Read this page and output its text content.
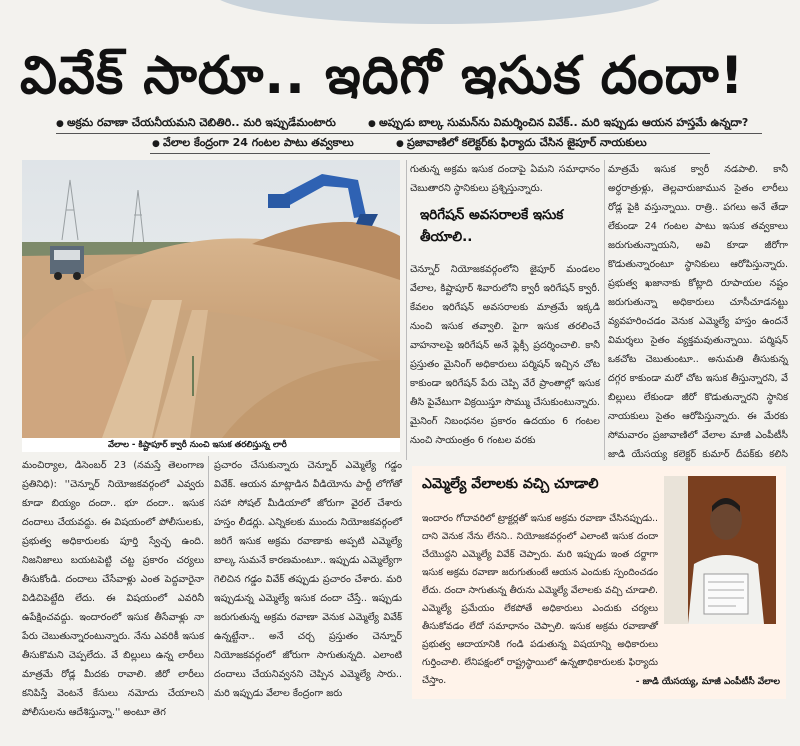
వివేక్ సారూ.. ఇదిగో ఇసుక దందా!
● అక్రమ రవాణా చేయనీయమని చెబితిరి.. మరి ఇప్పుడేమంటారు	● అప్పుడు బాల్క సుమన్‌ను విమర్శించిన వివేక్.. మరి ఇప్పుడు ఆయన హస్తమే ఉన్నదా?
● వేలాల కేంద్రంగా 24 గంటల పాటు తవ్వకాలు	● ప్రజావాణిలో కలెక్టర్‌కు ఫిర్యాదు చేసిన జైపూర్ నాయకులు
వేలాల - కిష్టాపూర్ క్వారీ నుంచి ఇసుక తరలిస్తున్న లారీ

మంచిర్యాల, డిసెంబర్ 23 (నమస్తే తెలంగాణ ప్రతినిధి): ''చెన్నూర్ నియోజకవర్గంలో ఎవ్వరు కూడా బియ్యం దందా.. భూ దందా.. ఇసుక దందాలు చేయవద్దు. ఈ విషయంలో పోలీసులకు, ప్రభుత్వ అధికారులకు పూర్తి స్వేచ్ఛ ఉంది. నిజనిజాలు బయటపెట్టి చట్ట ప్రకారం చర్యలు తీసుకోండి. దందాలు చేసేవాళ్లు ఎంత పెద్దవారైనా విడిచిపెట్టేది లేదు. ఈ విషయంలో ఎవరినీ ఉపేక్షించవద్దు. ఇందారంలో ఇసుక తీసేవాళ్లు నా పేరు చెబుతున్నారంటున్నారు. నేను ఎవరికీ ఇసుక తీసుకొమని చెప్పలేదు. వే బిల్లులు ఉన్న లారీలు మాత్రమే రోడ్ల మీదకు రావాలి. జీరో లారీలు కనిపిస్తే వెంటనే కేసులు నమోదు చేయాలని పోలీసులను ఆదేశిస్తున్నా.'' అంటూ తెగ

ప్రచారం చేసుకున్నారు చెన్నూర్ ఎమ్మెల్యే గడ్డం వివేక్. ఆయన మాట్లాడిన వీడియోను పార్టీ లోగోతో సహా సోషల్ మీడియాలో జోరుగా వైరల్ చేశారు హస్తం లీడర్లు. ఎన్నికలకు ముందు నియోజకవర్గంలో జరిగే ఇసుక అక్రమ రవాణాకు అప్పటి ఎమ్మెల్యే బాల్క సుమనే కారణమంటూ.. ఇప్పుడు ఎమ్మెల్యేగా గెలిచిన గడ్డం వివేక్ తప్పుడు ప్రచారం చేశారు. మరి ఇప్పుడున్న ఎమ్మెల్యే ఇసుక దందా చేస్తే.. ఇప్పుడు జరుగుతున్న అక్రమ రవాణా వెనుక ఎమ్మెల్యే వివేక్ ఉన్నట్టేనా.. అనే చర్చ ప్రస్తుతం చెన్నూర్ నియోజకవర్గంలో జోరుగా సాగుతున్నది. ఎలాంటి దందాలు చేయనివ్వనని చెప్పిన ఎమ్మెల్యే సారు.. మరి ఇప్పుడు వేలాల కేంద్రంగా జరు

గుతున్న అక్రమ ఇసుక దందాపై ఏమని సమాధానం చెబుతారని స్థానికులు ప్రశ్నిస్తున్నారు.

ఇరిగేషన్ అవసరాలకే ఇసుక తీయాలి..

చెన్నూర్ నియోజకవర్గంలోని జైపూర్ మండలం వేలాల, కిష్టాపూర్ శివారులోని క్వారీ ఇరిగేషన్ క్వారీ. కేవలం ఇరిగేషన్ అవసరాలకు మాత్రమే ఇక్కడి నుంచి ఇసుక తవ్వాలి. పైగా ఇసుక తరలించే వాహనాలపై ఇరిగేషన్ అనే ఫ్లెక్సీ ప్రదర్శించాలి. కానీ ప్రస్తుతం మైనింగ్ అధికారులు పర్మిషన్ ఇచ్చిన చోట కాకుండా ఇరిగేషన్ పేరు చెప్పి వేరే ప్రాంతాల్లో ఇసుక తీసి పైవేటుగా విక్రయిస్తూ సొమ్ము చేసుకుంటున్నారు. మైనింగ్ నిబంధనల ప్రకారం ఉదయం 6 గంటల నుంచి సాయంత్రం 6 గంటల వరకు

మాత్రమే ఇసుక క్వారీ నడపాలి. కానీ అర్ధరాత్రుళ్లు, తెల్లవారుజామున సైతం లారీలు రోడ్ల పైకి వస్తున్నాయి. రాత్రి.. పగలు అనే తేడా లేకుండా 24 గంటల పాటు ఇసుక తవ్వకాలు జరుగుతున్నాయని, అవి కూడా జీరోగా కొడుతున్నారంటూ స్థానికులు ఆరోపిస్తున్నారు. ప్రభుత్వ ఖజానాకు కోట్లాది రూపాయల నష్టం జరుగుతున్నా అధికారులు చూసీచూడనట్టు వ్యవహరించడం వెనుక ఎమ్మెల్యే హస్తం ఉందనే విమర్శలు సైతం వ్యక్తమవుతున్నాయి. పర్మిషన్ ఒకచోట చెబుతుంటూ.. అనుమతి తీసుకున్న దగ్గర కాకుండా మరో చోట ఇసుక తీస్తున్నారని, వే బిల్లులు లేకుండా జీరో కొడుతున్నారని స్థానిక నాయకులు సైతం ఆరోపిస్తున్నారు. ఈ మేరకు సోమవారం ప్రజావాణిలో వేలాల మాజీ ఎంపీటీసీ జాడి యేసయ్య కలెక్టర్ కుమార్ దీపక్‌కు కలిసి

ఎమ్మెల్యే వేలాలకు వచ్చి చూడాలి
ఇందారం గోదావరిలో ట్రాక్టర్లతో ఇసుక అక్రమ రవాణా చేసినప్పుడు.. దాని వెనుక నేను లేనని.. నియోజకవర్గంలో ఎలాంటి ఇసుక దందా చేయొద్దని ఎమ్మెల్యే వివేక్ చెప్పారు. మరి ఇప్పుడు ఇంత దర్జాగా ఇసుక అక్రమ రవాణా జరుగుతుంటే ఆయన ఎందుకు స్పందించడం లేదు. దందా సాగుతున్న తీరును ఎమ్మెల్యే వేలాలకు వచ్చి చూడాలి. ఎమ్మెల్యే ప్రమేయం లేకపోతే అధికారులు ఎందుకు చర్యలు తీసుకోవడం లేదో సమాధానం చెప్పాలి. ఇసుక అక్రమ రవాణాతో ప్రభుత్వ ఆదాయానికి గండి పడుతున్న విషయాన్ని అధికారులు గుర్తించాలి. లేనిపక్షంలో రాష్ట్రస్థాయిలో ఉన్నతాధికారులకు ఫిర్యాదు చేస్తాం.	- జాడి యేసయ్య, మాజీ ఎంపీటీసీ వేలాల
